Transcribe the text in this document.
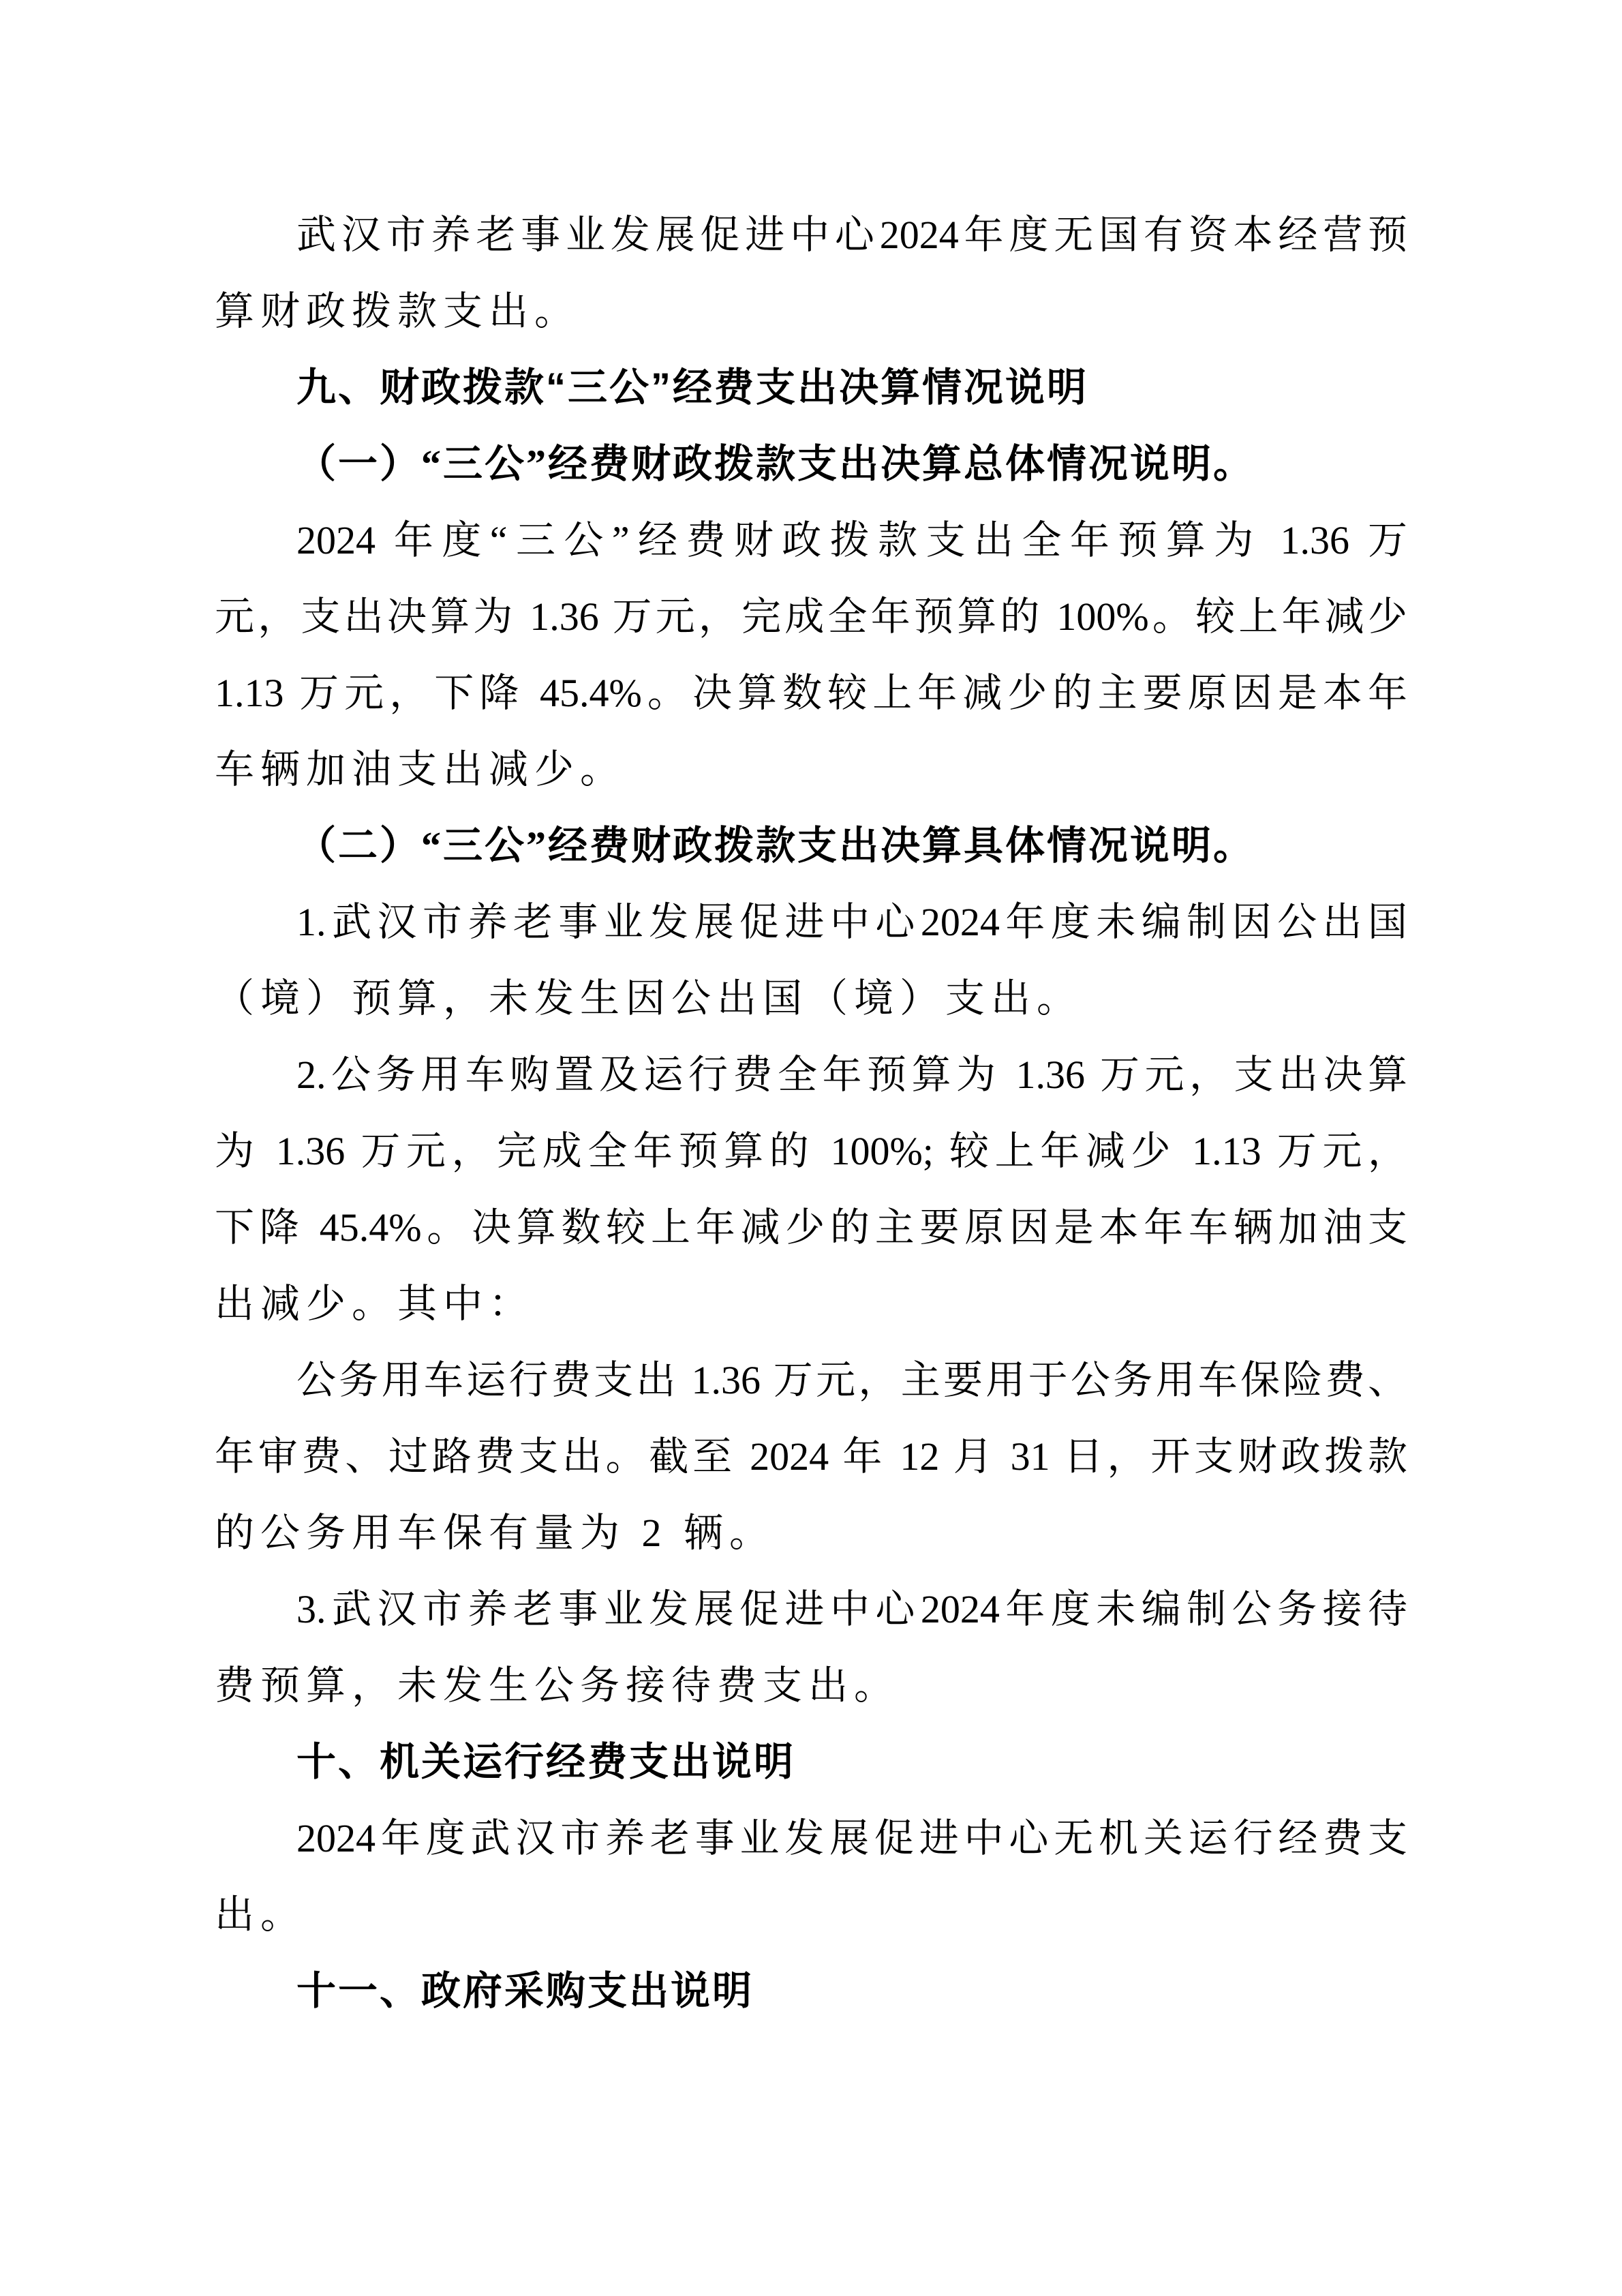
武汉市养老事业发展促进中心2024年度无国有资本经营预
算财政拨款支出。
九、财政拨款“三公”经费支出决算情况说明
（一）“三公”经费财政拨款支出决算总体情况说明。
2024 年度“三公”经费财政拨款支出全年预算为 1.36 万
元，支出决算为 1.36 万元，完成全年预算的 100%。较上年减少
1.13 万元，下降 45.4%。决算数较上年减少的主要原因是本年
车辆加油支出减少。
（二）“三公”经费财政拨款支出决算具体情况说明。
1.武汉市养老事业发展促进中心2024年度未编制因公出国
（境）预算，未发生因公出国（境）支出。
2.公务用车购置及运行费全年预算为 1.36 万元，支出决算
为 1.36 万元，完成全年预算的 100%; 较上年减少 1.13 万元，
下降 45.4%。决算数较上年减少的主要原因是本年车辆加油支
出减少。其中：
公务用车运行费支出 1.36 万元，主要用于公务用车保险费、
年审费、过路费支出。截至 2024 年 12 月 31 日，开支财政拨款
的公务用车保有量为 2 辆。
3.武汉市养老事业发展促进中心2024年度未编制公务接待
费预算，未发生公务接待费支出。
十、机关运行经费支出说明
2024年度武汉市养老事业发展促进中心无机关运行经费支
出。
十一、政府采购支出说明
